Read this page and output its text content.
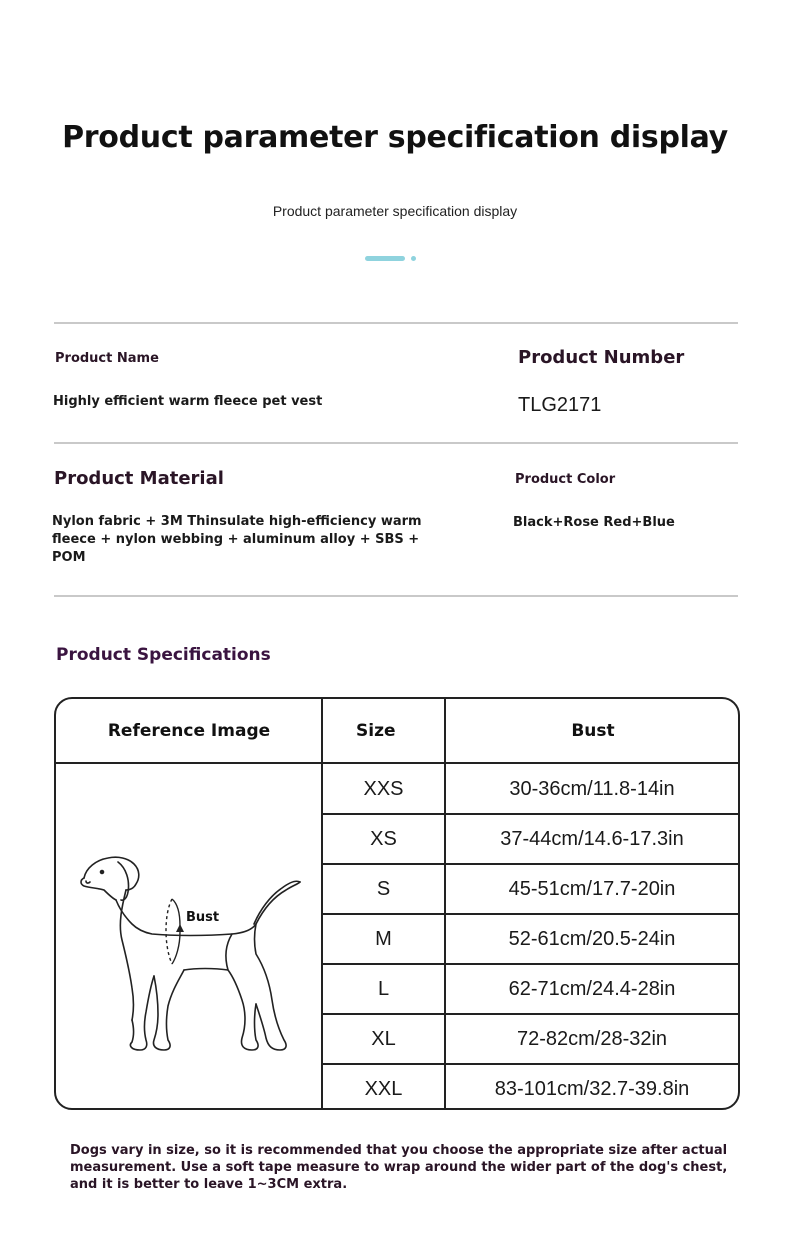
Product parameter specification display
Product parameter specification display
Product Name
Highly efficient warm fleece pet vest
Product Number
TLG2171
Product Material
Nylon fabric + 3M Thinsulate high-efficiency warm fleece + nylon webbing + aluminum alloy + SBS + POM
Product Color
Black+Rose Red+Blue
Product Specifications
Reference Image	Size	Bust
XXS	30-36cm/11.8-14in
XS	37-44cm/14.6-17.3in
S	45-51cm/17.7-20in
M	52-61cm/20.5-24in
L	62-71cm/24.4-28in
XL	72-82cm/28-32in
XXL	83-101cm/32.7-39.8in
Bust
Dogs vary in size, so it is recommended that you choose the appropriate size after actual measurement. Use a soft tape measure to wrap around the wider part of the dog's chest, and it is better to leave 1~3CM extra.
